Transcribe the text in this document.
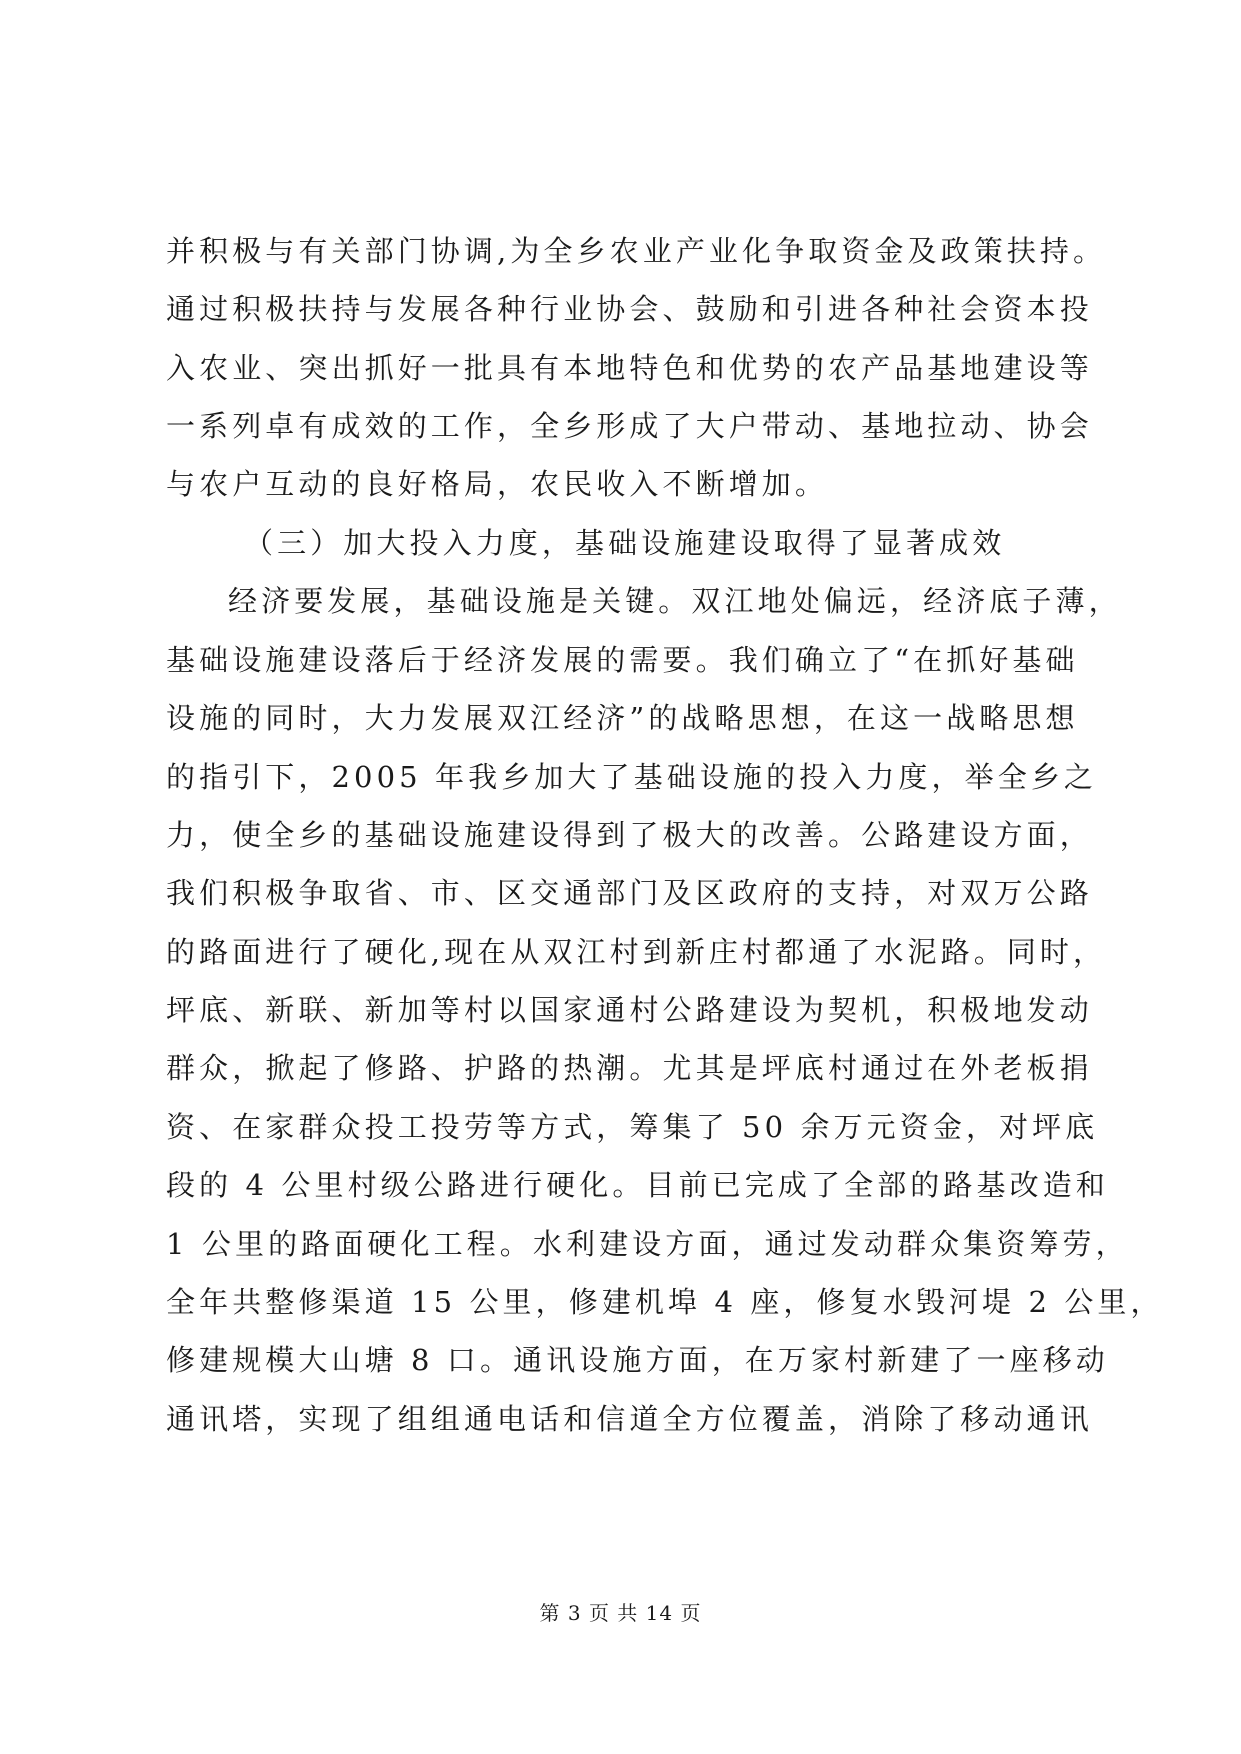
并积极与有关部门协调,为全乡农业产业化争取资金及政策扶持。
通过积极扶持与发展各种行业协会、鼓励和引进各种社会资本投
入农业、突出抓好一批具有本地特色和优势的农产品基地建设等
一系列卓有成效的工作，全乡形成了大户带动、基地拉动、协会
与农户互动的良好格局，农民收入不断增加。
（三）加大投入力度，基础设施建设取得了显著成效
经济要发展，基础设施是关键。双江地处偏远，经济底子薄，
基础设施建设落后于经济发展的需要。我们确立了“在抓好基础
设施的同时，大力发展双江经济”的战略思想，在这一战略思想
的指引下，2005 年我乡加大了基础设施的投入力度，举全乡之
力，使全乡的基础设施建设得到了极大的改善。公路建设方面，
我们积极争取省、市、区交通部门及区政府的支持，对双万公路
的路面进行了硬化,现在从双江村到新庄村都通了水泥路。同时，
坪底、新联、新加等村以国家通村公路建设为契机，积极地发动
群众，掀起了修路、护路的热潮。尤其是坪底村通过在外老板捐
资、在家群众投工投劳等方式，筹集了 50 余万元资金，对坪底
段的 4 公里村级公路进行硬化。目前已完成了全部的路基改造和
1 公里的路面硬化工程。水利建设方面，通过发动群众集资筹劳，
全年共整修渠道 15 公里，修建机埠 4 座，修复水毁河堤 2 公里，
修建规模大山塘 8 口。通讯设施方面，在万家村新建了一座移动
通讯塔，实现了组组通电话和信道全方位覆盖，消除了移动通讯
第 3 页 共 14 页
